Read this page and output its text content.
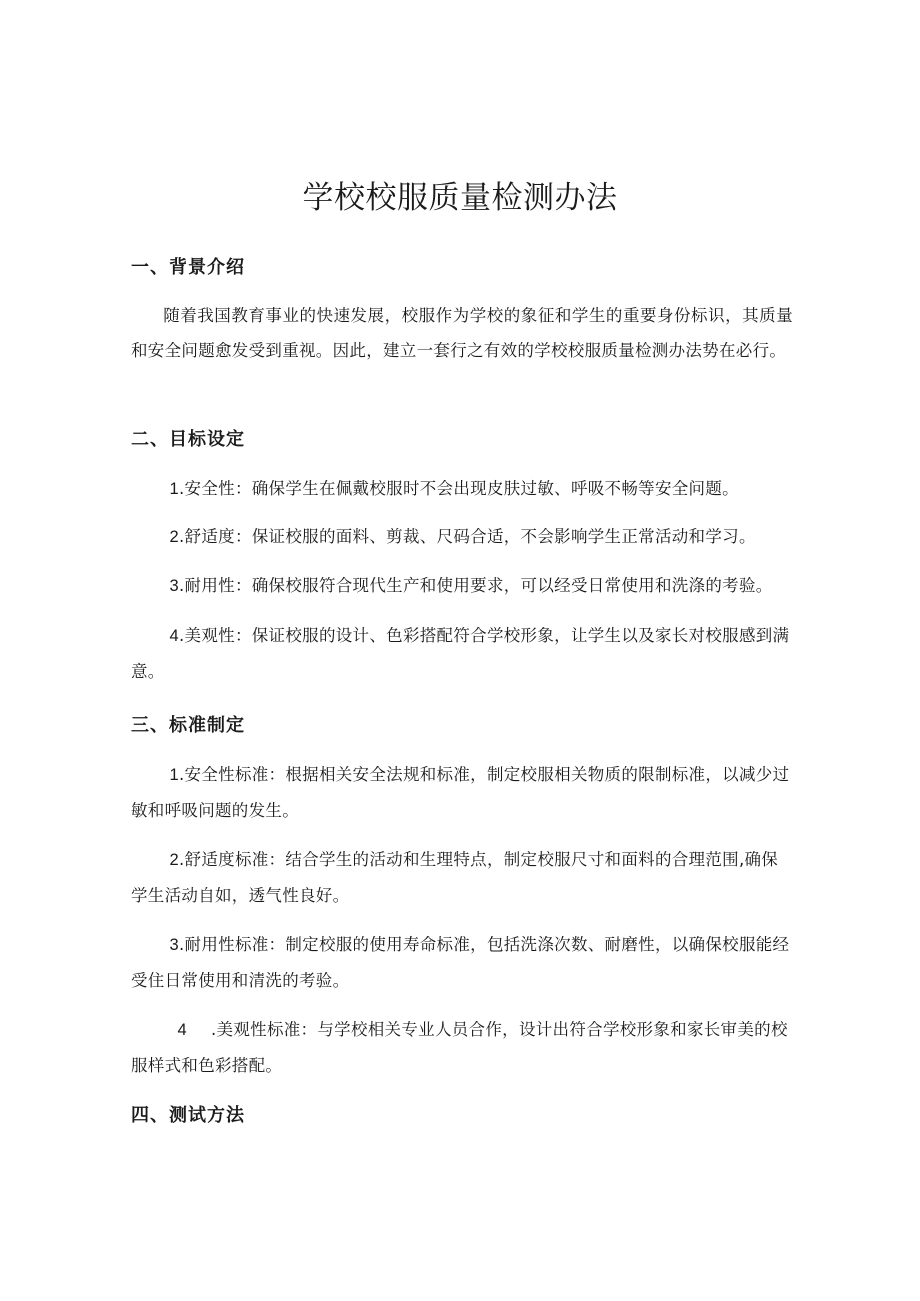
学校校服质量检测办法
一、背景介绍
随着我国教育事业的快速发展，校服作为学校的象征和学生的重要身份标识，其质量和安全问题愈发受到重视。因此，建立一套行之有效的学校校服质量检测办法势在必行。
二、目标设定
1.安全性：确保学生在佩戴校服时不会出现皮肤过敏、呼吸不畅等安全问题。
2.舒适度：保证校服的面料、剪裁、尺码合适，不会影响学生正常活动和学习。
3.耐用性：确保校服符合现代生产和使用要求，可以经受日常使用和洗涤的考验。
4.美观性：保证校服的设计、色彩搭配符合学校形象，让学生以及家长对校服感到满意。
三、标准制定
1.安全性标准：根据相关安全法规和标准，制定校服相关物质的限制标准，以减少过敏和呼吸问题的发生。
2.舒适度标准：结合学生的活动和生理特点，制定校服尺寸和面料的合理范围,确保学生活动自如，透气性良好。
3.耐用性标准：制定校服的使用寿命标准，包括洗涤次数、耐磨性，以确保校服能经受住日常使用和清洗的考验。
4 .美观性标准：与学校相关专业人员合作，设计出符合学校形象和家长审美的校服样式和色彩搭配。
四、测试方法
